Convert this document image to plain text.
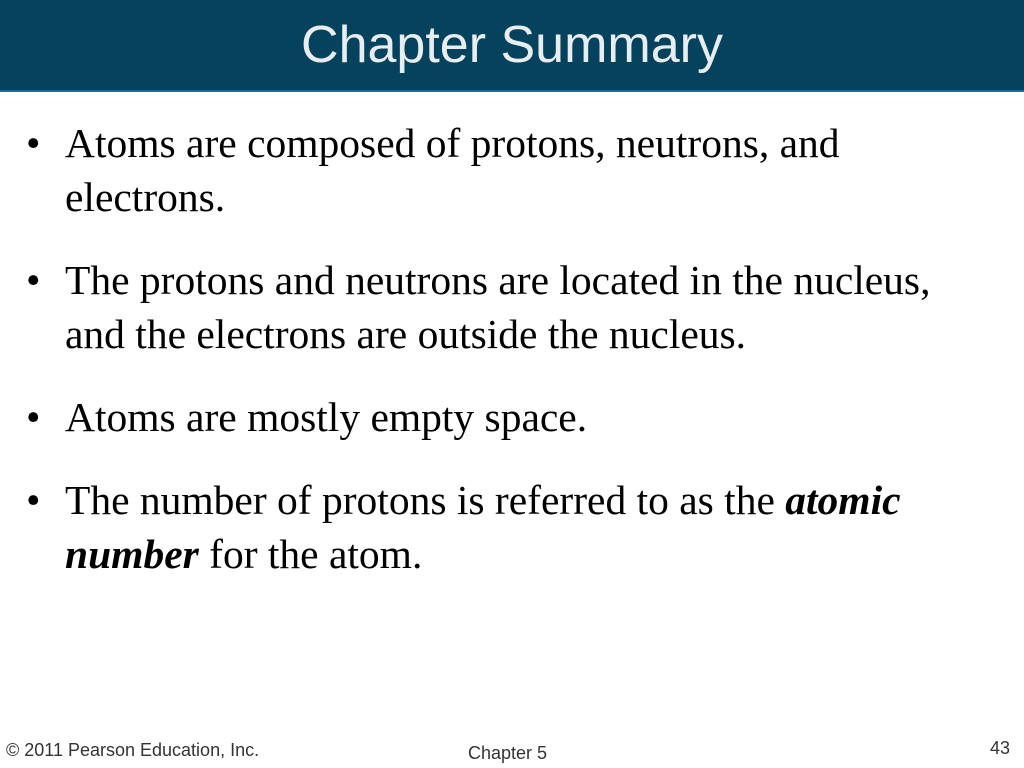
Chapter Summary
• Atoms are composed of protons, neutrons, and electrons.
• The protons and neutrons are located in the nucleus, and the electrons are outside the nucleus.
• Atoms are mostly empty space.
• The number of protons is referred to as the atomic number for the atom.

© 2011 Pearson Education, Inc.	Chapter 5	43
